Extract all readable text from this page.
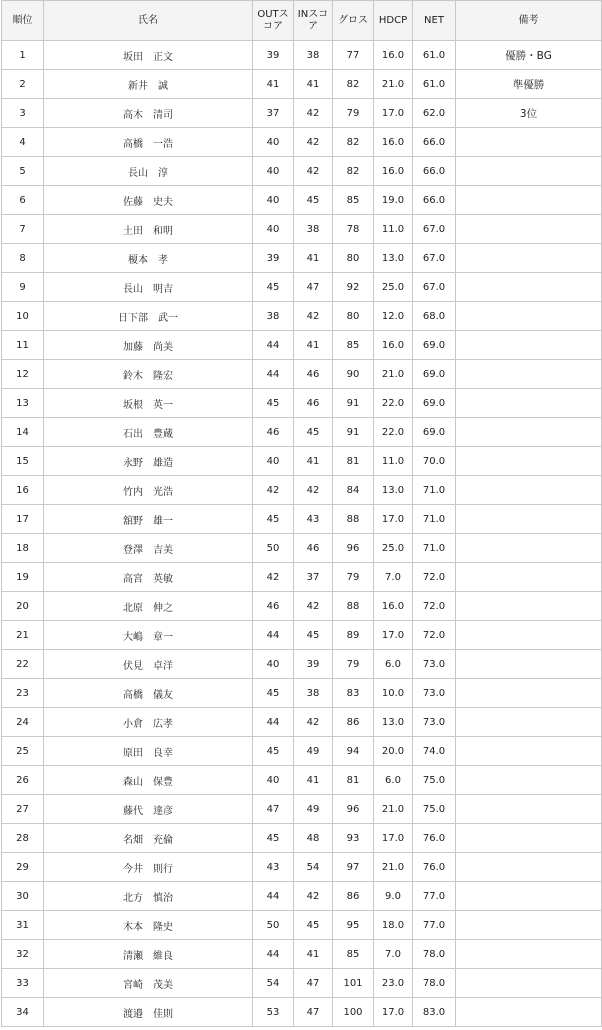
順位	氏名	OUTスコア	INスコア	グロス	HDCP	NET	備考
1	坂田　正文	39	38	77	16.0	61.0	優勝・BG
2	新井　誠	41	41	82	21.0	61.0	準優勝
3	高木　清司	37	42	79	17.0	62.0	3位
4	高橋　一浩	40	42	82	16.0	66.0	
5	長山　淳	40	42	82	16.0	66.0	
6	佐藤　史夫	40	45	85	19.0	66.0	
7	土田　和明	40	38	78	11.0	67.0	
8	榎本　孝	39	41	80	13.0	67.0	
9	長山　明吉	45	47	92	25.0	67.0	
10	日下部　武一	38	42	80	12.0	68.0	
11	加藤　尚美	44	41	85	16.0	69.0	
12	鈴木　隆宏	44	46	90	21.0	69.0	
13	坂根　英一	45	46	91	22.0	69.0	
14	石出　豊蔵	46	45	91	22.0	69.0	
15	永野　雄造	40	41	81	11.0	70.0	
16	竹内　光浩	42	42	84	13.0	71.0	
17	舘野　雄一	45	43	88	17.0	71.0	
18	登澤　吉美	50	46	96	25.0	71.0	
19	高宮　英敏	42	37	79	7.0	72.0	
20	北原　伸之	46	42	88	16.0	72.0	
21	大嶋　章一	44	45	89	17.0	72.0	
22	伏見　卓洋	40	39	79	6.0	73.0	
23	高橋　儀友	45	38	83	10.0	73.0	
24	小倉　広孝	44	42	86	13.0	73.0	
25	原田　良幸	45	49	94	20.0	74.0	
26	森山　保豊	40	41	81	6.0	75.0	
27	藤代　達彦	47	49	96	21.0	75.0	
28	名畑　充倫	45	48	93	17.0	76.0	
29	今井　則行	43	54	97	21.0	76.0	
30	北方　慎治	44	42	86	9.0	77.0	
31	木本　隆史	50	45	95	18.0	77.0	
32	清瀬　維良	44	41	85	7.0	78.0	
33	宮崎　茂美	54	47	101	23.0	78.0	
34	渡邉　佳則	53	47	100	17.0	83.0	
